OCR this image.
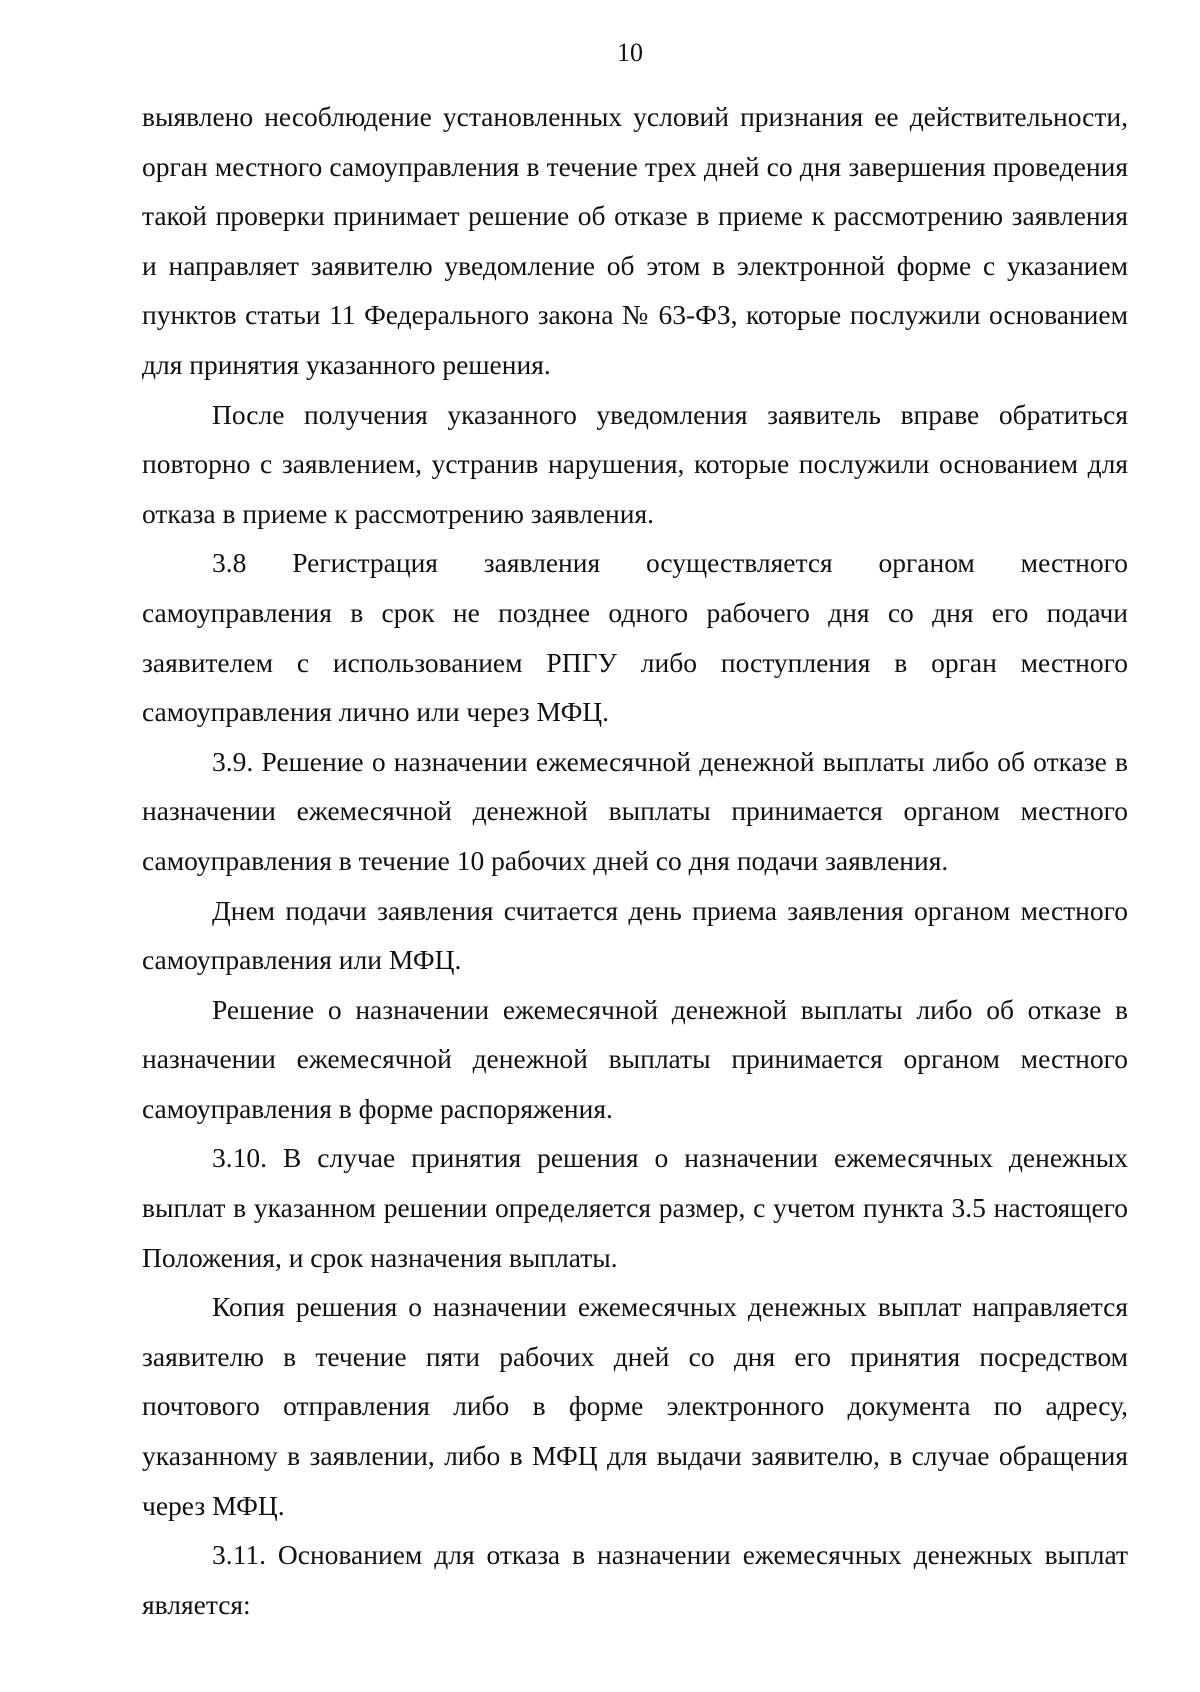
10

выявлено несоблюдение установленных условий признания ее действительности, орган местного самоуправления в течение трех дней со дня завершения проведения такой проверки принимает решение об отказе в приеме к рассмотрению заявления и направляет заявителю уведомление об этом в электронной форме с указанием пунктов статьи 11 Федерального закона № 63-ФЗ, которые послужили основанием для принятия указанного решения.

После получения указанного уведомления заявитель вправе обратиться повторно с заявлением, устранив нарушения, которые послужили основанием для отказа в приеме к рассмотрению заявления.

3.8 Регистрация заявления осуществляется органом местного самоуправления в срок не позднее одного рабочего дня со дня его подачи заявителем с использованием РПГУ либо поступления в орган местного самоуправления лично или через МФЦ.

3.9. Решение о назначении ежемесячной денежной выплаты либо об отказе в назначении ежемесячной денежной выплаты принимается органом местного самоуправления в течение 10 рабочих дней со дня подачи заявления.

Днем подачи заявления считается день приема заявления органом местного самоуправления или МФЦ.

Решение о назначении ежемесячной денежной выплаты либо об отказе в назначении ежемесячной денежной выплаты принимается органом местного самоуправления в форме распоряжения.

3.10. В случае принятия решения о назначении ежемесячных денежных выплат в указанном решении определяется размер, с учетом пункта 3.5 настоящего Положения, и срок назначения выплаты.

Копия решения о назначении ежемесячных денежных выплат направляется заявителю в течение пяти рабочих дней со дня его принятия посредством почтового отправления либо в форме электронного документа по адресу, указанному в заявлении, либо в МФЦ для выдачи заявителю, в случае обращения через МФЦ.

3.11. Основанием для отказа в назначении ежемесячных денежных выплат является:
